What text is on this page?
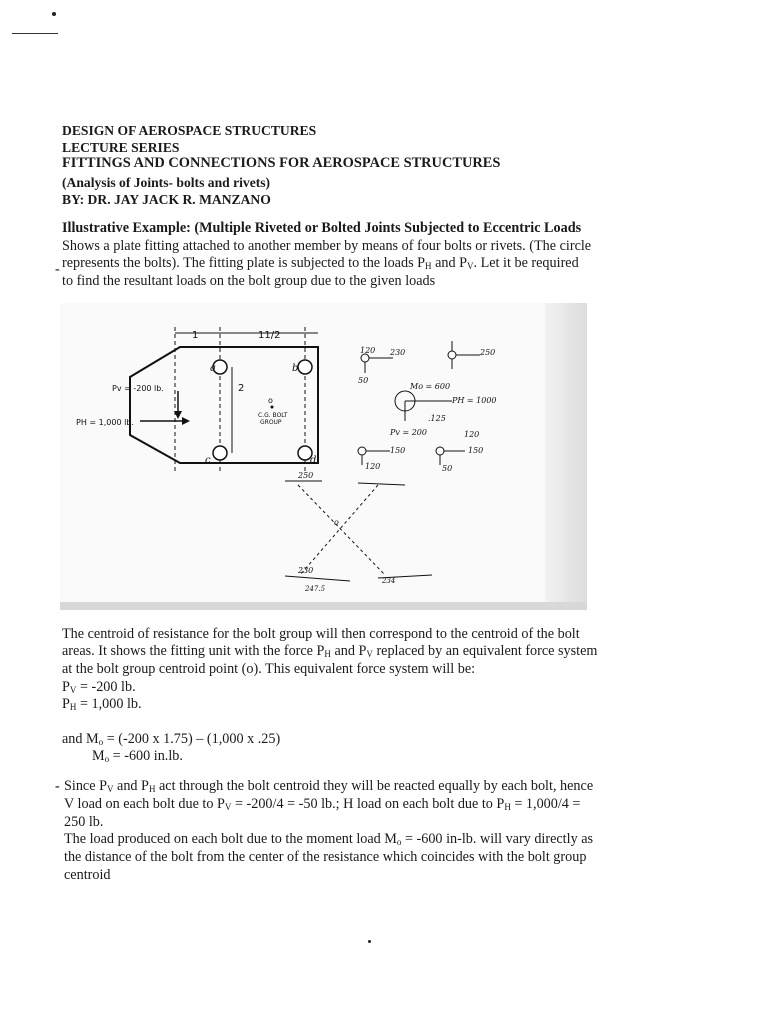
DESIGN OF AEROSPACE STRUCTURES
LECTURE SERIES
FITTINGS AND CONNECTIONS FOR AEROSPACE STRUCTURES
(Analysis of Joints- bolts and rivets)
BY: DR. JAY JACK R. MANZANO
Illustrative Example: (Multiple Riveted or Bolted Joints Subjected to Eccentric Loads
Shows a plate fitting attached to another member by means of four bolts or rivets. (The circle
represents the bolts). The fitting plate is subjected to the loads $P_H$ and $P_V$. Let it be required
to find the resultant loads on the bolt group due to the given loads
-
1	11/2
2
a	b
c	d
o
C.G. BOLT
GROUP
Pv = -200 lb.
PH = 1,000 lb.
120 230	250
50
Mo = 600
PH = 1000
Pv = 200
.125
150
120
120
150
50
250
230
247.5
234
o
The centroid of resistance for the bolt group will then correspond to the centroid of the bolt
areas. It shows the fitting unit with the force $P_H$ and $P_V$ replaced by an equivalent force system
at the bolt group centroid point (o). This equivalent force system will be:
$P_V = -200$ lb.
$P_H = 1,000$ lb.
and $M_o = (-200$ x 1.75) – (1,000 x .25)
$M_o = -600$ in.lb.
- Since $P_V$ and $P_H$ act through the bolt centroid they will be reacted equally by each bolt, hence
V load on each bolt due to $P_V = -200/4 = -50$ lb.; H load on each bolt due to $P_H = 1,000/4$ =
250 lb.
The load produced on each bolt due to the moment load $M_o = -600$ in-lb. will vary directly as
the distance of the bolt from the center of the resistance which coincides with the bolt group
centroid
